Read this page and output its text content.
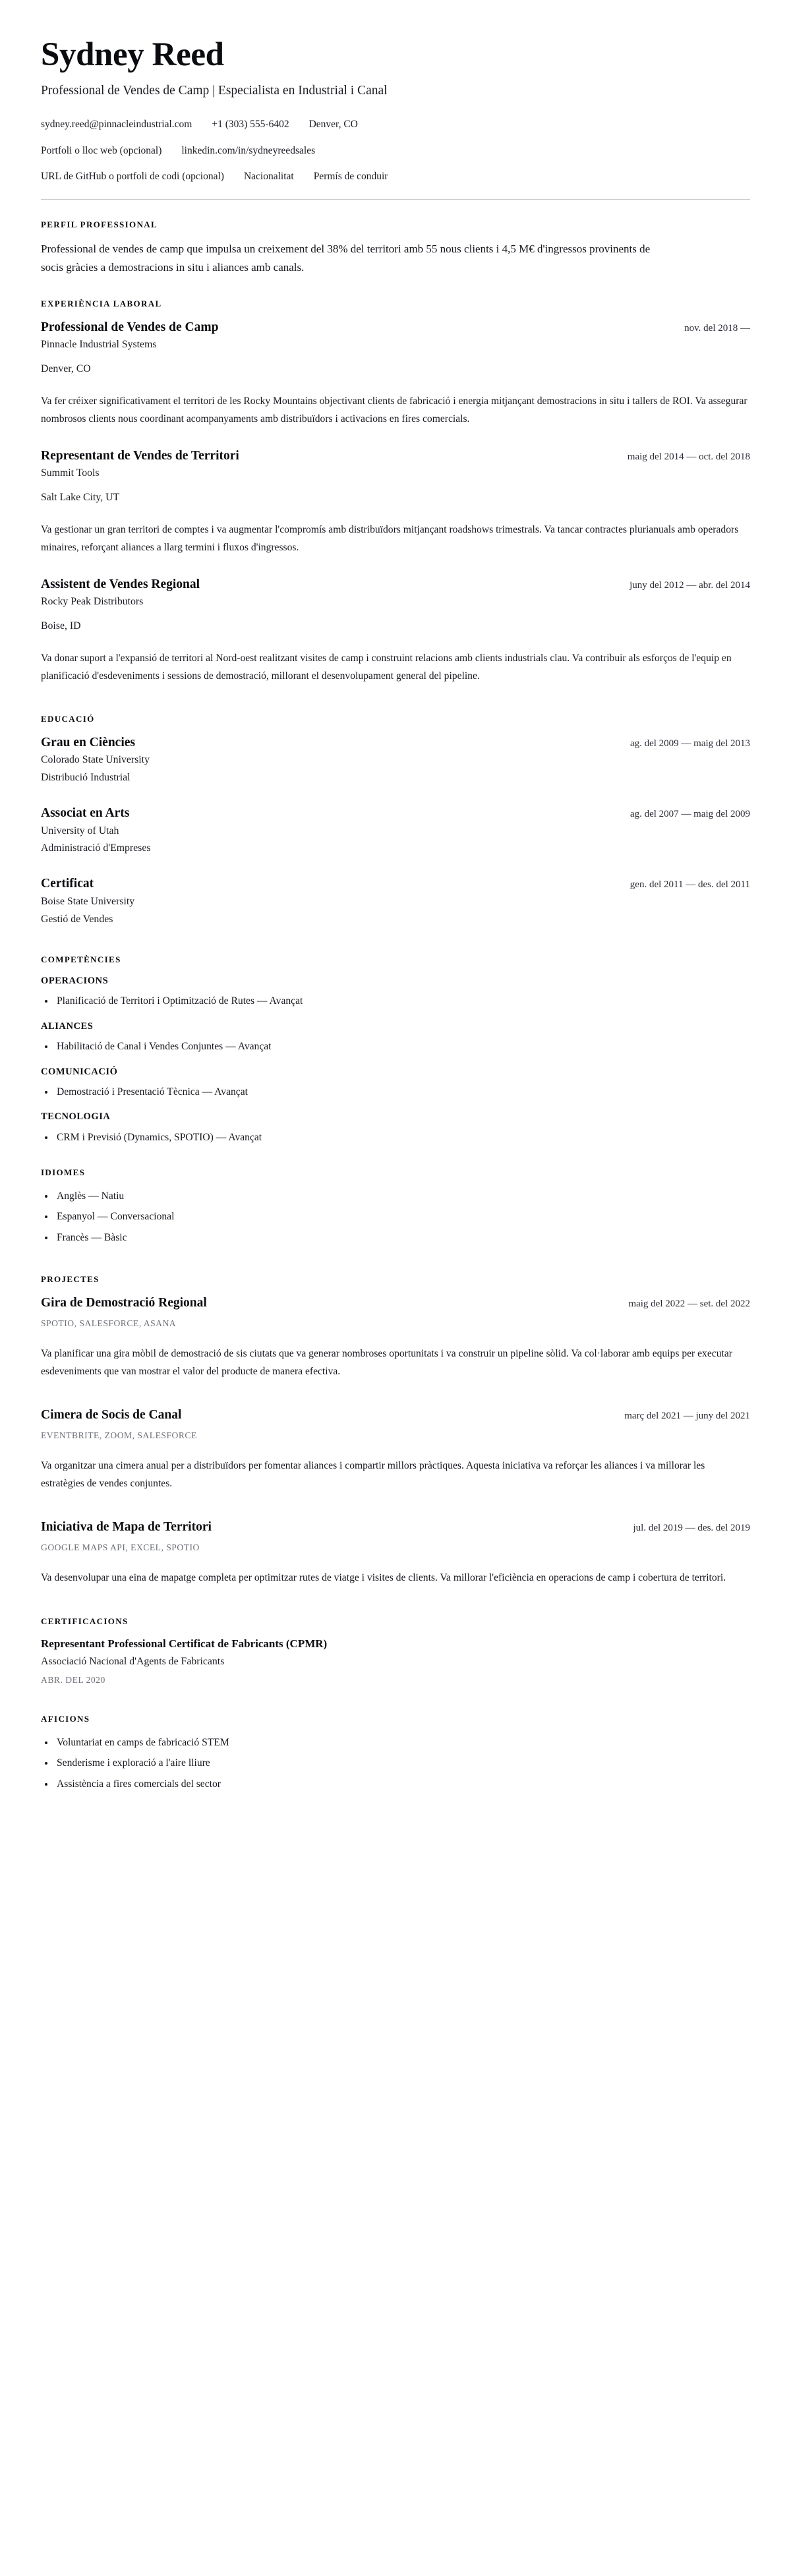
Sydney Reed

Professional de Vendes de Camp | Especialista en Industrial i Canal

sydney.reed@pinnacleindustrial.com +1 (303) 555-6402 Denver, CO
Portfoli o lloc web (opcional) linkedin.com/in/sydneyreedsales
URL de GitHub o portfoli de codi (opcional) Nacionalitat Permís de conduir
PERFIL PROFESSIONAL

Professional de vendes de camp que impulsa un creixement del 38% del territori amb 55 nous clients i 4,5 M€ d'ingressos provinents de socis gràcies a demostracions in situ i aliances amb canals.

EXPERIÈNCIA LABORAL
Professional de Vendes de Camp	nov. del 2018 —

Pinnacle Industrial Systems

Denver, CO

Va fer créixer significativament el territori de les Rocky Mountains objectivant clients de fabricació i energia mitjançant demostracions in situ i tallers de ROI. Va assegurar nombrosos clients nous coordinant acompanyaments amb distribuïdors i activacions en fires comercials.

Representant de Vendes de Territori	maig del 2014 — oct. del 2018

Summit Tools

Salt Lake City, UT

Va gestionar un gran territori de comptes i va augmentar l'compromís amb distribuïdors mitjançant roadshows trimestrals. Va tancar contractes plurianuals amb operadors minaires, reforçant aliances a llarg termini i fluxos d'ingressos.

Assistent de Vendes Regional	juny del 2012 — abr. del 2014

Rocky Peak Distributors

Boise, ID

Va donar suport a l'expansió de territori al Nord-oest realitzant visites de camp i construint relacions amb clients industrials clau. Va contribuir als esforços de l'equip en planificació d'esdeveniments i sessions de demostració, millorant el desenvolupament general del pipeline.

EDUCACIÓ
Grau en Ciències	ag. del 2009 — maig del 2013

Colorado State University

Distribució Industrial

Associat en Arts	ag. del 2007 — maig del 2009

University of Utah

Administració d'Empreses

Certificat	gen. del 2011 — des. del 2011

Boise State University

Gestió de Vendes

COMPETÈNCIES
OPERACIONS
Planificació de Territori i Optimització de Rutes — Avançat
ALIANCES
Habilitació de Canal i Vendes Conjuntes — Avançat
COMUNICACIÓ
Demostració i Presentació Tècnica — Avançat
TECNOLOGIA
CRM i Previsió (Dynamics, SPOTIO) — Avançat
IDIOMES
Anglès — Natiu
Espanyol — Conversacional
Francès — Bàsic
PROJECTES
Gira de Demostració Regional	maig del 2022 — set. del 2022

SPOTIO, SALESFORCE, ASANA

Va planificar una gira mòbil de demostració de sis ciutats que va generar nombroses oportunitats i va construir un pipeline sòlid. Va col·laborar amb equips per executar esdeveniments que van mostrar el valor del producte de manera efectiva.

Cimera de Socis de Canal	març del 2021 — juny del 2021

EVENTBRITE, ZOOM, SALESFORCE

Va organitzar una cimera anual per a distribuïdors per fomentar aliances i compartir millors pràctiques. Aquesta iniciativa va reforçar les aliances i va millorar les estratègies de vendes conjuntes.

Iniciativa de Mapa de Territori	jul. del 2019 — des. del 2019

GOOGLE MAPS API, EXCEL, SPOTIO

Va desenvolupar una eina de mapatge completa per optimitzar rutes de viatge i visites de clients. Va millorar l'eficiència en operacions de camp i cobertura de territori.

CERTIFICACIONS
Representant Professional Certificat de Fabricants (CPMR)

Associació Nacional d'Agents de Fabricants

ABR. DEL 2020

AFICIONS
Voluntariat en camps de fabricació STEM
Senderisme i exploració a l'aire lliure
Assistència a fires comercials del sector
